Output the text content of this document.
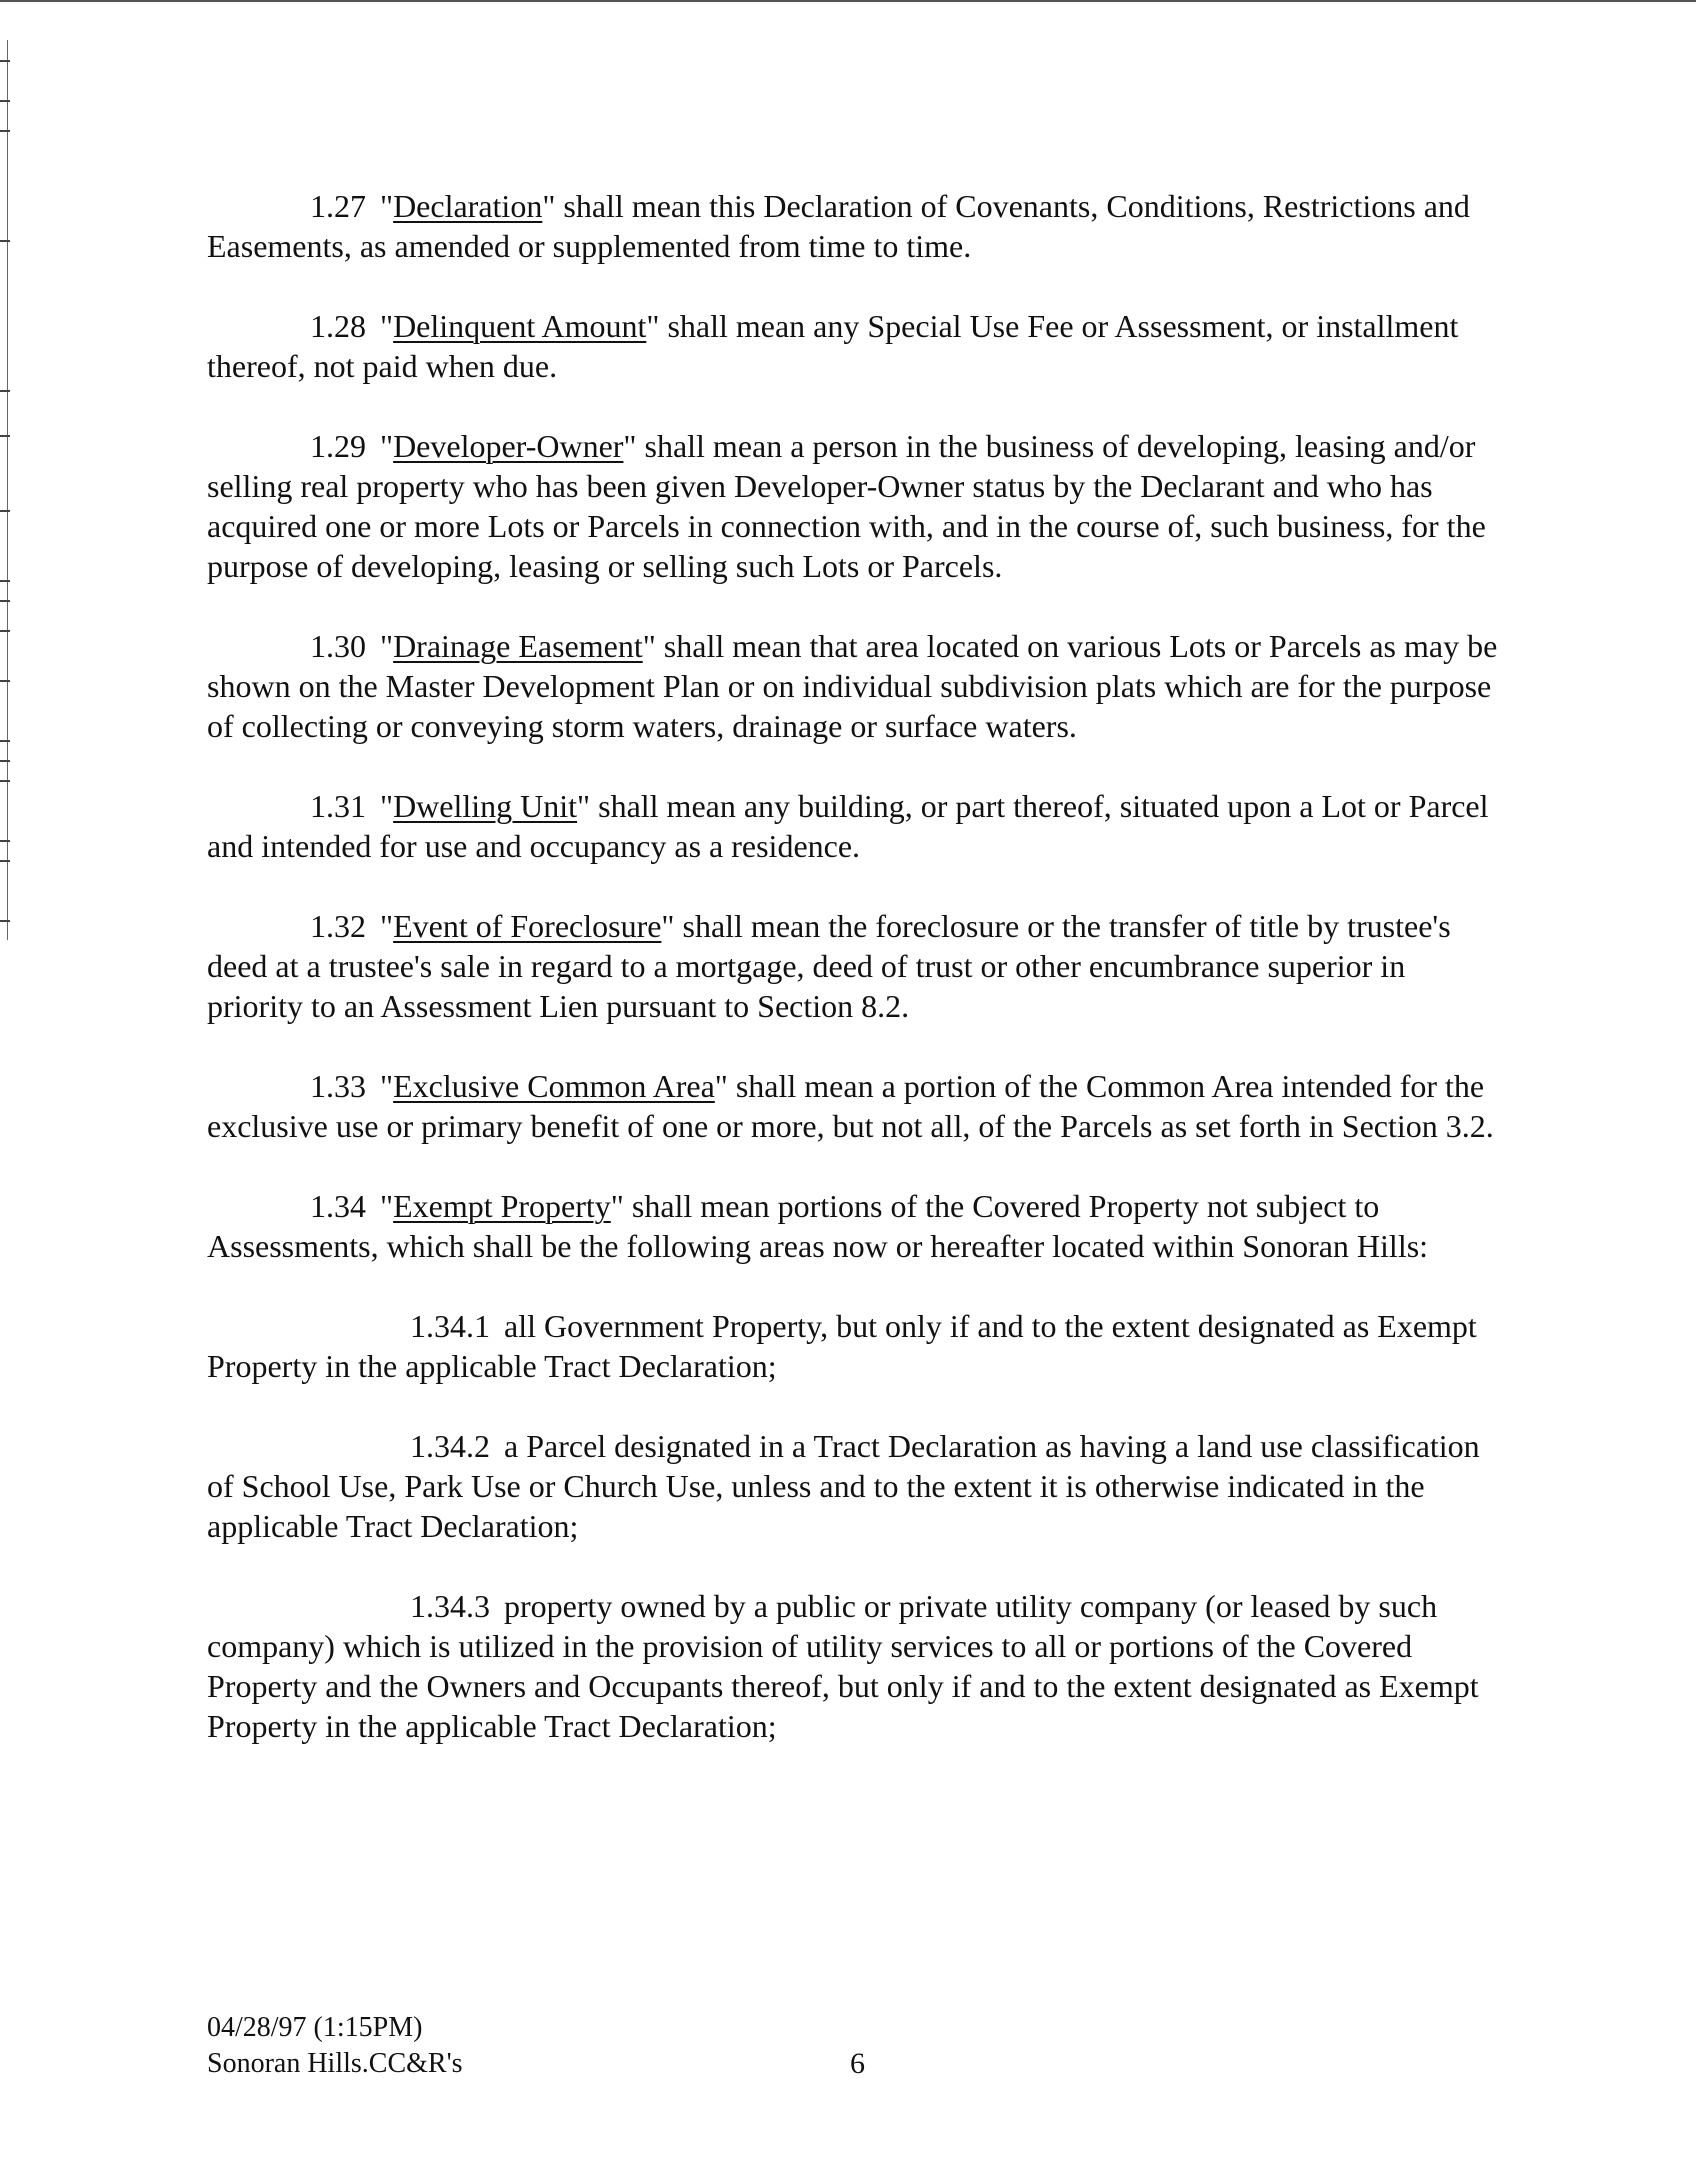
1.27 "Declaration" shall mean this Declaration of Covenants, Conditions, Restrictions and Easements, as amended or supplemented from time to time.

1.28 "Delinquent Amount" shall mean any Special Use Fee or Assessment, or installment thereof, not paid when due.

1.29 "Developer-Owner" shall mean a person in the business of developing, leasing and/or selling real property who has been given Developer-Owner status by the Declarant and who has acquired one or more Lots or Parcels in connection with, and in the course of, such business, for the purpose of developing, leasing or selling such Lots or Parcels.

1.30 "Drainage Easement" shall mean that area located on various Lots or Parcels as may be shown on the Master Development Plan or on individual subdivision plats which are for the purpose of collecting or conveying storm waters, drainage or surface waters.

1.31 "Dwelling Unit" shall mean any building, or part thereof, situated upon a Lot or Parcel and intended for use and occupancy as a residence.

1.32 "Event of Foreclosure" shall mean the foreclosure or the transfer of title by trustee's deed at a trustee's sale in regard to a mortgage, deed of trust or other encumbrance superior in priority to an Assessment Lien pursuant to Section 8.2.

1.33 "Exclusive Common Area" shall mean a portion of the Common Area intended for the exclusive use or primary benefit of one or more, but not all, of the Parcels as set forth in Section 3.2.

1.34 "Exempt Property" shall mean portions of the Covered Property not subject to Assessments, which shall be the following areas now or hereafter located within Sonoran Hills:

1.34.1 all Government Property, but only if and to the extent designated as Exempt Property in the applicable Tract Declaration;

1.34.2 a Parcel designated in a Tract Declaration as having a land use classification of School Use, Park Use or Church Use, unless and to the extent it is otherwise indicated in the applicable Tract Declaration;

1.34.3 property owned by a public or private utility company (or leased by such company) which is utilized in the provision of utility services to all or portions of the Covered Property and the Owners and Occupants thereof, but only if and to the extent designated as Exempt Property in the applicable Tract Declaration;

04/28/97 (1:15PM)
Sonoran Hills.CC&R's	6
